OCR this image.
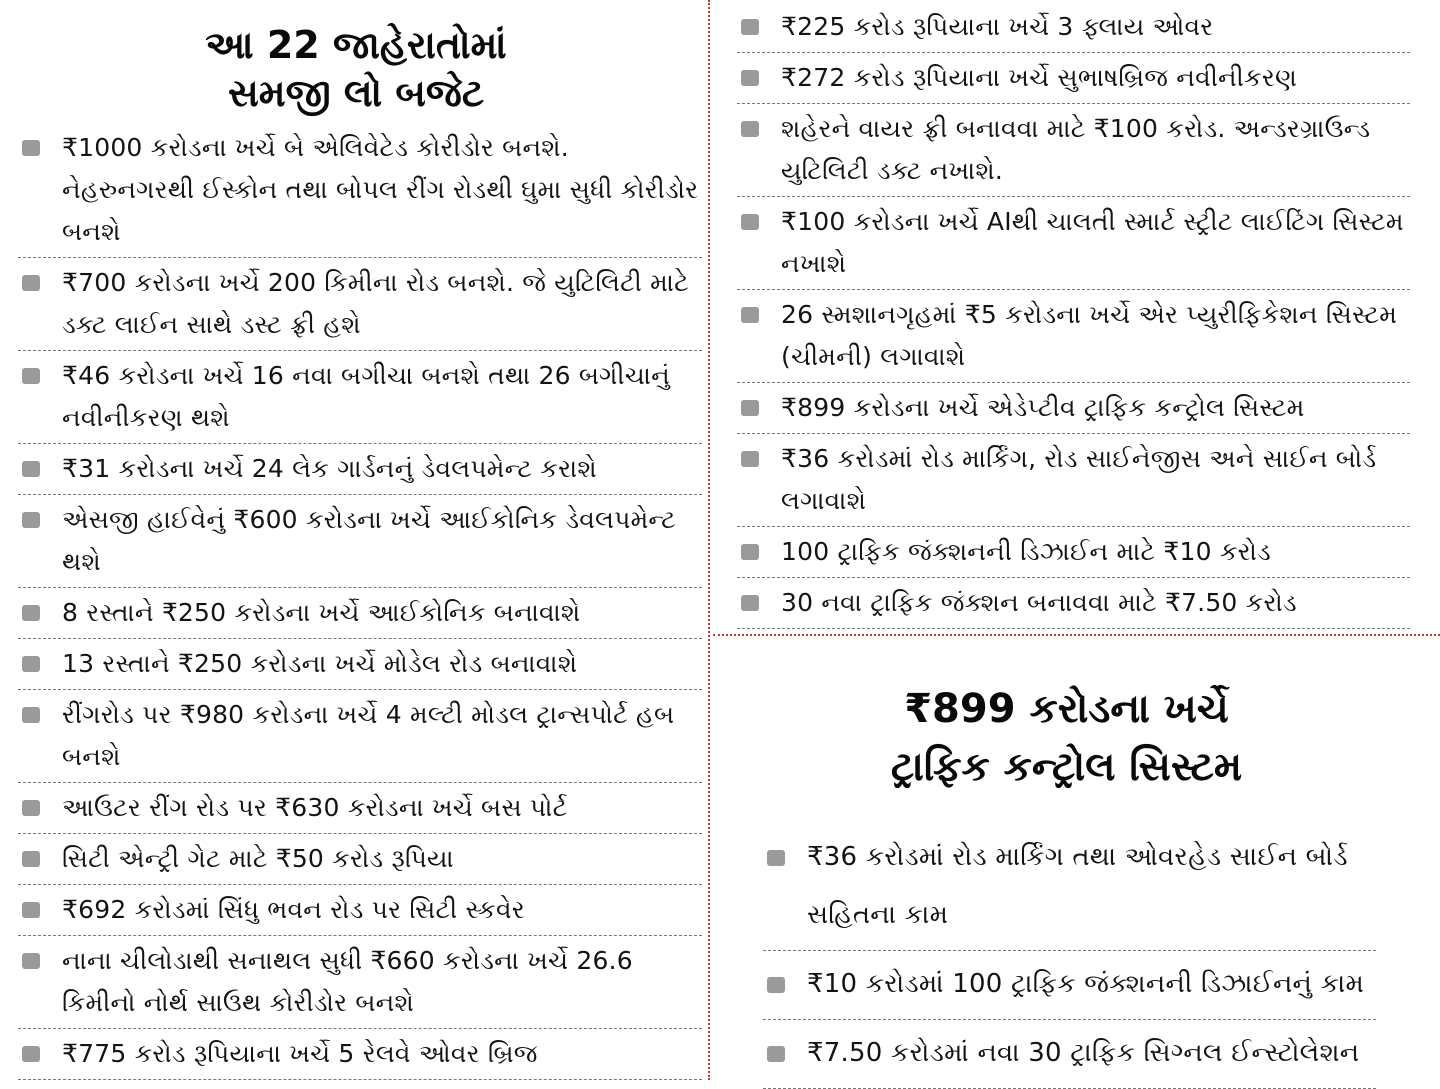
આ 22 જાહેરાતોમાં
સમજી લો બજેટ
₹1000 કરોડના ખર્ચે બે એલિવેટેડ કોરીડોર બનશે. નેહરુનગરથી ઈસ્કોન તથા બોપલ રીંગ રોડથી ઘુમા સુધી કોરીડોર બનશે
₹700 કરોડના ખર્ચે 200 કિમીના રોડ બનશે. જે યુટિલિટી માટે ડક્ટ લાઈન સાથે ડસ્ટ ફ્રી હશે
₹46 કરોડના ખર્ચે 16 નવા બગીચા બનશે તથા 26 બગીચાનું નવીનીકરણ થશે
₹31 કરોડના ખર્ચે 24 લેક ગાર્ડનનું ડેવલપમેન્ટ કરાશે
એસજી હાઈવેનું ₹600 કરોડના ખર્ચે આઈકોનિક ડેવલપમેન્ટ થશે
8 રસ્તાને ₹250 કરોડના ખર્ચે આઈકોનિક બનાવાશે
13 રસ્તાને ₹250 કરોડના ખર્ચે મોડેલ રોડ બનાવાશે
રીંગરોડ પર ₹980 કરોડના ખર્ચે 4 મલ્ટી મોડલ ટ્રાન્સપોર્ટ હબ બનશે
આઉટર રીંગ રોડ પર ₹630 કરોડના ખર્ચે બસ પોર્ટ
સિટી એન્ટ્રી ગેટ માટે ₹50 કરોડ રૂપિયા
₹692 કરોડમાં સિંધુ ભવન રોડ પર સિટી સ્કવેર
નાના ચીલોડાથી સનાથલ સુધી ₹660 કરોડના ખર્ચે 26.6 કિમીનો નોર્થ સાઉથ કોરીડોર બનશે
₹775 કરોડ રૂપિયાના ખર્ચે 5 રેલવે ઓવર બ્રિજ
₹225 કરોડ રૂપિયાના ખર્ચે 3 ફ્લાય ઓવર
₹272 કરોડ રૂપિયાના ખર્ચે સુભાષબ્રિજ નવીનીકરણ
શહેરને વાયર ફ્રી બનાવવા માટે ₹100 કરોડ. અન્ડરગ્રાઉન્ડ યુટિલિટી ડક્ટ નખાશે.
₹100 કરોડના ખર્ચે AIથી ચાલતી સ્માર્ટ સ્ટ્રીટ લાઈટિંગ સિસ્ટમ નખાશે
26 સ્મશાનગૃહમાં ₹5 કરોડના ખર્ચે એર પ્યુરીફિકેશન સિસ્ટમ (ચીમની) લગાવાશે
₹899 કરોડના ખર્ચે એડેપ્ટીવ ટ્રાફિક કન્ટ્રોલ સિસ્ટમ
₹36 કરોડમાં રોડ માર્કિંગ, રોડ સાઈનેજીસ અને સાઈન બોર્ડ લગાવાશે
100 ટ્રાફિક જંક્શનની ડિઝાઈન માટે ₹10 કરોડ
30 નવા ટ્રાફિક જંક્શન બનાવવા માટે ₹7.50 કરોડ
₹899 કરોડના ખર્ચે
ટ્રાફિક કન્ટ્રોલ સિસ્ટમ
₹36 કરોડમાં રોડ માર્કિંગ તથા ઓવરહેડ સાઈન બોર્ડ સહિતના કામ
₹10 કરોડમાં 100 ટ્રાફિક જંક્શનની ડિઝાઈનનું કામ
₹7.50 કરોડમાં નવા 30 ટ્રાફિક સિગ્નલ ઈન્સ્ટોલેશન
